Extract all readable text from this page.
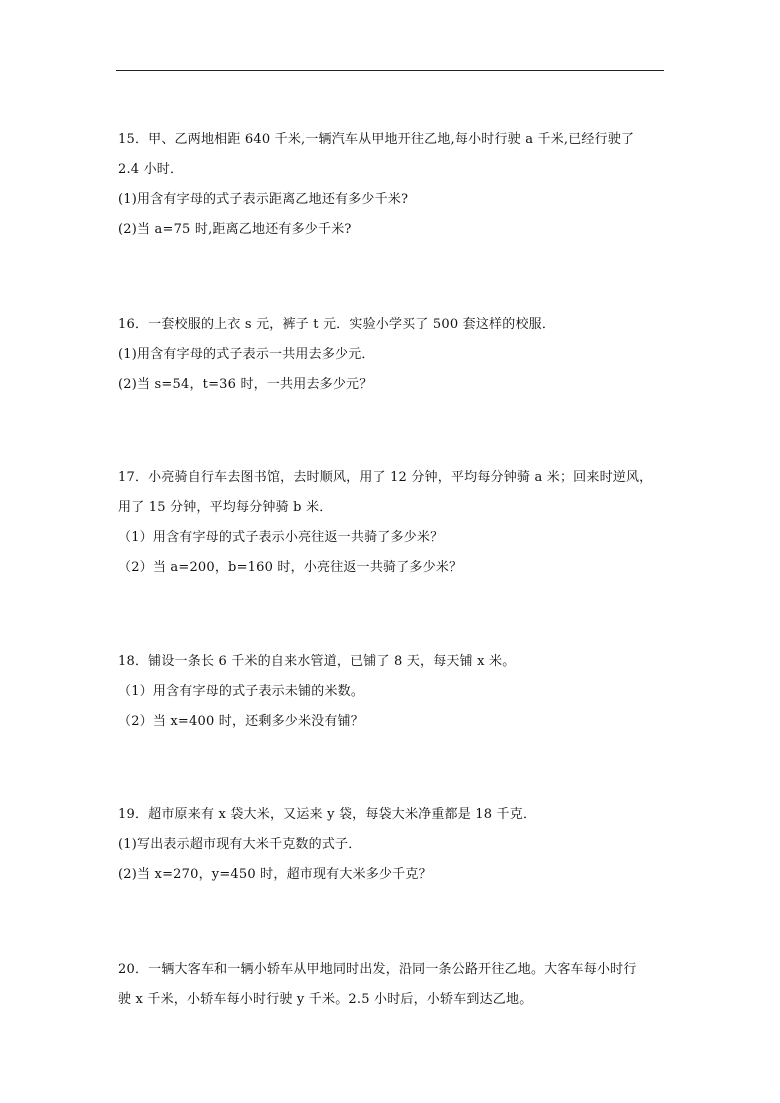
15．甲、乙两地相距 640 千米,一辆汽车从甲地开往乙地,每小时行驶 a 千米,已经行驶了
2.4 小时．
(1)用含有字母的式子表示距离乙地还有多少千米?
(2)当 a=75 时,距离乙地还有多少千米?
16．一套校服的上衣 s 元，裤子 t 元．实验小学买了 500 套这样的校服．
(1)用含有字母的式子表示一共用去多少元．
(2)当 s=54，t=36 时，一共用去多少元？
17．小亮骑自行车去图书馆，去时顺风，用了 12 分钟，平均每分钟骑 a 米；回来时逆风，
用了 15 分钟，平均每分钟骑 b 米．
（1）用含有字母的式子表示小亮往返一共骑了多少米？
（2）当 a=200，b=160 时，小亮往返一共骑了多少米？
18．铺设一条长 6 千米的自来水管道，已铺了 8 天，每天铺 x 米。
（1）用含有字母的式子表示未铺的米数。
（2）当 x=400 时，还剩多少米没有铺？
19．超市原来有 x 袋大米，又运来 y 袋，每袋大米净重都是 18 千克．
(1)写出表示超市现有大米千克数的式子．
(2)当 x=270，y=450 时，超市现有大米多少千克？
20．一辆大客车和一辆小轿车从甲地同时出发，沿同一条公路开往乙地。大客车每小时行
驶 x 千米，小轿车每小时行驶 y 千米。2.5 小时后，小轿车到达乙地。
